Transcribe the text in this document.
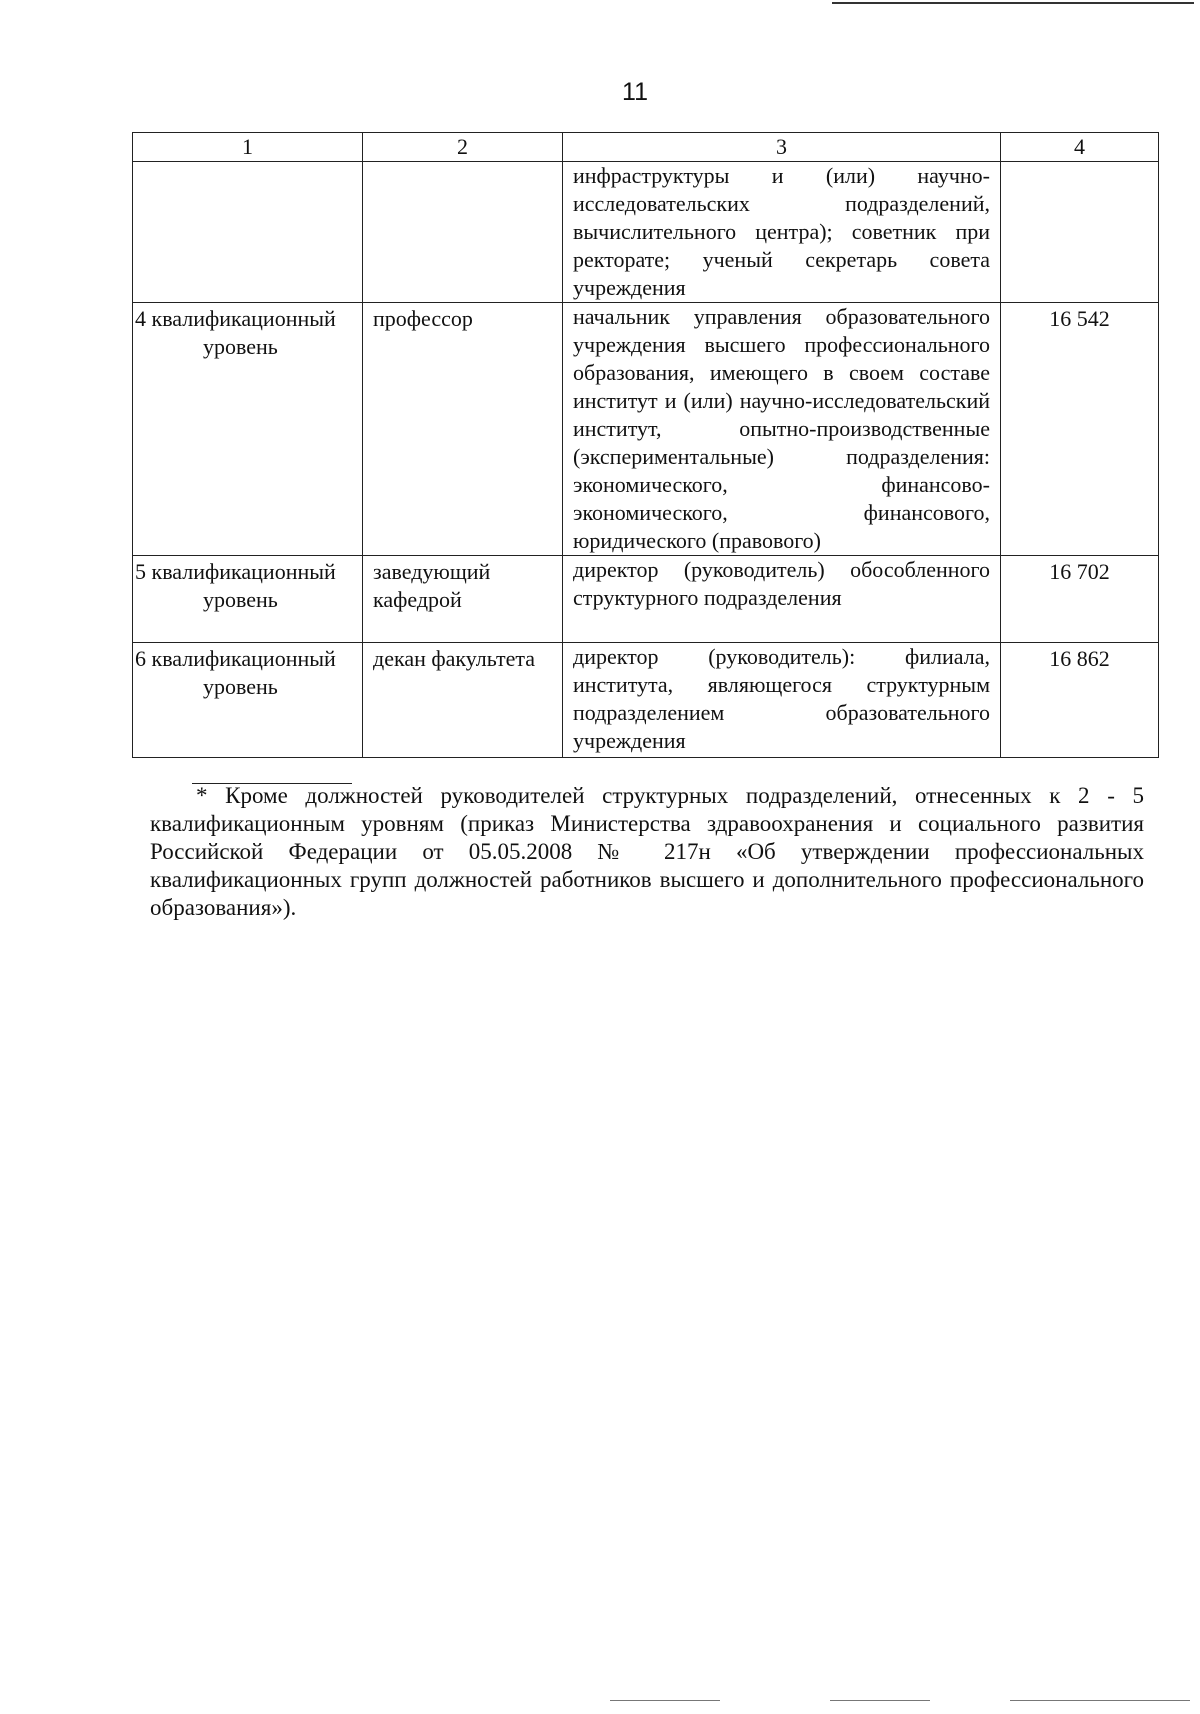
11
1	2	3	4
		инфраструктуры и (или) научно-исследовательских подразделений, вычислительного центра); советник при ректорате; ученый секретарь совета учреждения	
4 квалификационный
уровень	профессор	начальник управления образовательного учреждения высшего профессионального образования, имеющего в своем составе институт и (или) научно-исследовательский институт, опытно-производственные (экспериментальные) подразделения: экономического, финансово-экономического, финансового, юридического (правового)	16 542
5 квалификационный
уровень	заведующий кафедрой	директор (руководитель) обособленного структурного подразделения	16 702
6 квалификационный
уровень	декан факультета	директор (руководитель): филиала, института, являющегося структурным подразделением образовательного учреждения	16 862
* Кроме должностей руководителей структурных подразделений, отнесенных к 2 - 5 квалификационным уровням (приказ Министерства здравоохранения и социального развития Российской Федерации от 05.05.2008 № 217н «Об утверждении профессиональных квалификационных групп должностей работников высшего и дополнительного профессионального образования»).
